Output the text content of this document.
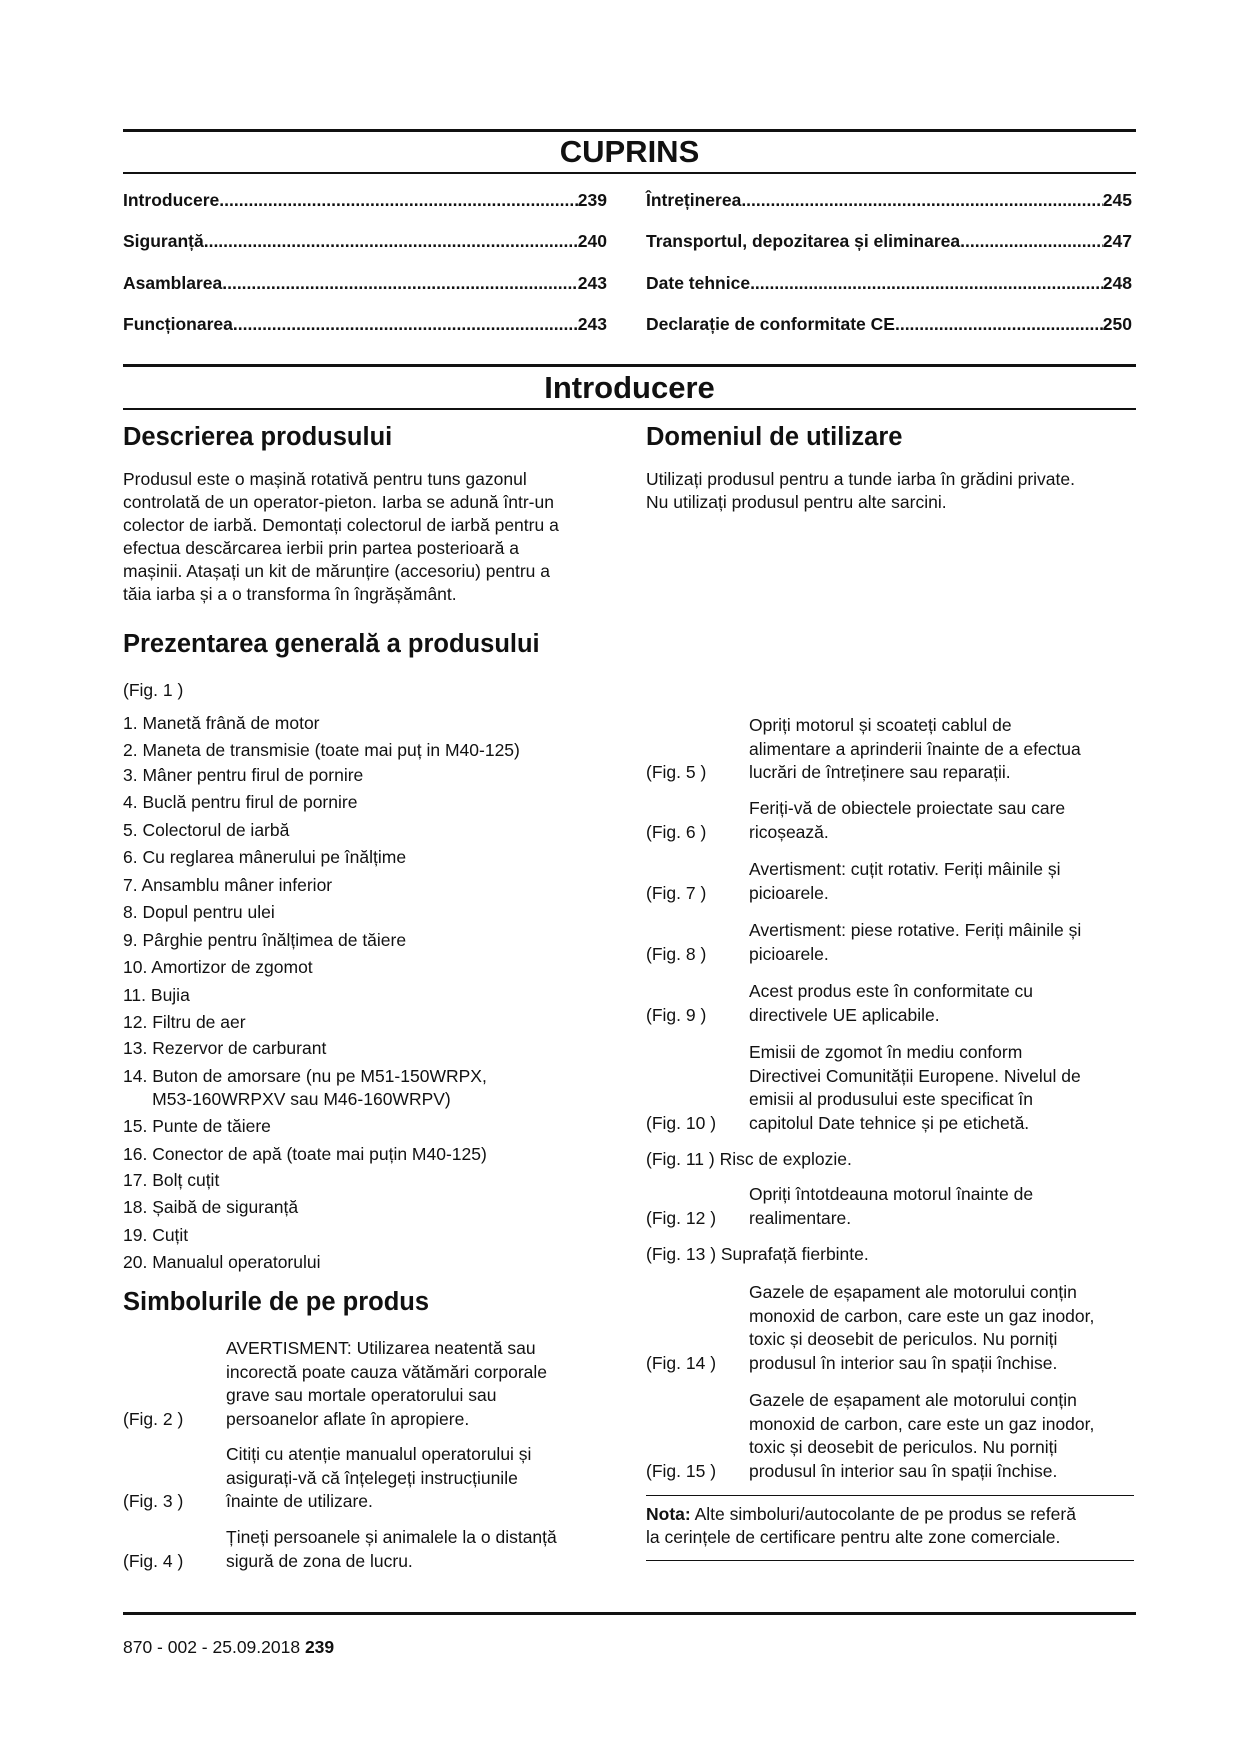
CUPRINS
Introducere .....	239
Siguranță .....	240
Asamblarea .....	243
Funcționarea .....	243
Întreținerea .....	245
Transportul, depozitarea și eliminarea .....	247
Date tehnice .....	248
Declarație de conformitate CE .....	250
Introducere
Descrierea produsului
Produsul este o mașină rotativă pentru tuns gazonul
controlată de un operator-pieton. Iarba se adună într-un
colector de iarbă. Demontați colectorul de iarbă pentru a
efectua descărcarea ierbii prin partea posterioară a
mașinii. Atașați un kit de mărunțire (accesoriu) pentru a
tăia iarba și a o transforma în îngrășământ.
Prezentarea generală a produsului
(Fig. 1 )
1. Manetă frână de motor
2. Maneta de transmisie (toate mai puț in M40-125)
3. Mâner pentru firul de pornire
4. Buclă pentru firul de pornire
5. Colectorul de iarbă
6. Cu reglarea mânerului pe înălțime
7. Ansamblu mâner inferior
8. Dopul pentru ulei
9. Pârghie pentru înălțimea de tăiere
10. Amortizor de zgomot
11. Bujia
12. Filtru de aer
13. Rezervor de carburant
14. Buton de amorsare (nu pe M51-150WRPX,
M53-160WRPXV sau M46-160WRPV)
15. Punte de tăiere
16. Conector de apă (toate mai puțin M40-125)
17. Bolț cuțit
18. Șaibă de siguranță
19. Cuțit
20. Manualul operatorului
Simbolurile de pe produs
(Fig. 2 )
AVERTISMENT: Utilizarea neatentă sau
incorectă poate cauza vătămări corporale
grave sau mortale operatorului sau
persoanelor aflate în apropiere.
(Fig. 3 )
Citiți cu atenție manualul operatorului și
asigurați-vă că înțelegeți instrucțiunile
înainte de utilizare.
(Fig. 4 )
Țineți persoanele și animalele la o distanță
sigură de zona de lucru.
Domeniul de utilizare
Utilizați produsul pentru a tunde iarba în grădini private.
Nu utilizați produsul pentru alte sarcini.
(Fig. 5 )
Opriți motorul și scoateți cablul de
alimentare a aprinderii înainte de a efectua
lucrări de întreținere sau reparații.
(Fig. 6 )
Feriți-vă de obiectele proiectate sau care
ricoșează.
(Fig. 7 )
Avertisment: cuțit rotativ. Feriți mâinile și
picioarele.
(Fig. 8 )
Avertisment: piese rotative. Feriți mâinile și
picioarele.
(Fig. 9 )
Acest produs este în conformitate cu
directivele UE aplicabile.
(Fig. 10 )
Emisii de zgomot în mediu conform
Directivei Comunității Europene. Nivelul de
emisii al produsului este specificat în
capitolul Date tehnice și pe etichetă.
(Fig. 11 ) Risc de explozie.
(Fig. 12 )
Opriți întotdeauna motorul înainte de
realimentare.
(Fig. 13 ) Suprafață fierbinte.
(Fig. 14 )
Gazele de eșapament ale motorului conțin
monoxid de carbon, care este un gaz inodor,
toxic și deosebit de periculos. Nu porniți
produsul în interior sau în spații închise.
(Fig. 15 )
Gazele de eșapament ale motorului conțin
monoxid de carbon, care este un gaz inodor,
toxic și deosebit de periculos. Nu porniți
produsul în interior sau în spații închise.
Nota: Alte simboluri/autocolante de pe produs se referă
la cerințele de certificare pentru alte zone comerciale.
870 - 002 - 25.09.2018 239
